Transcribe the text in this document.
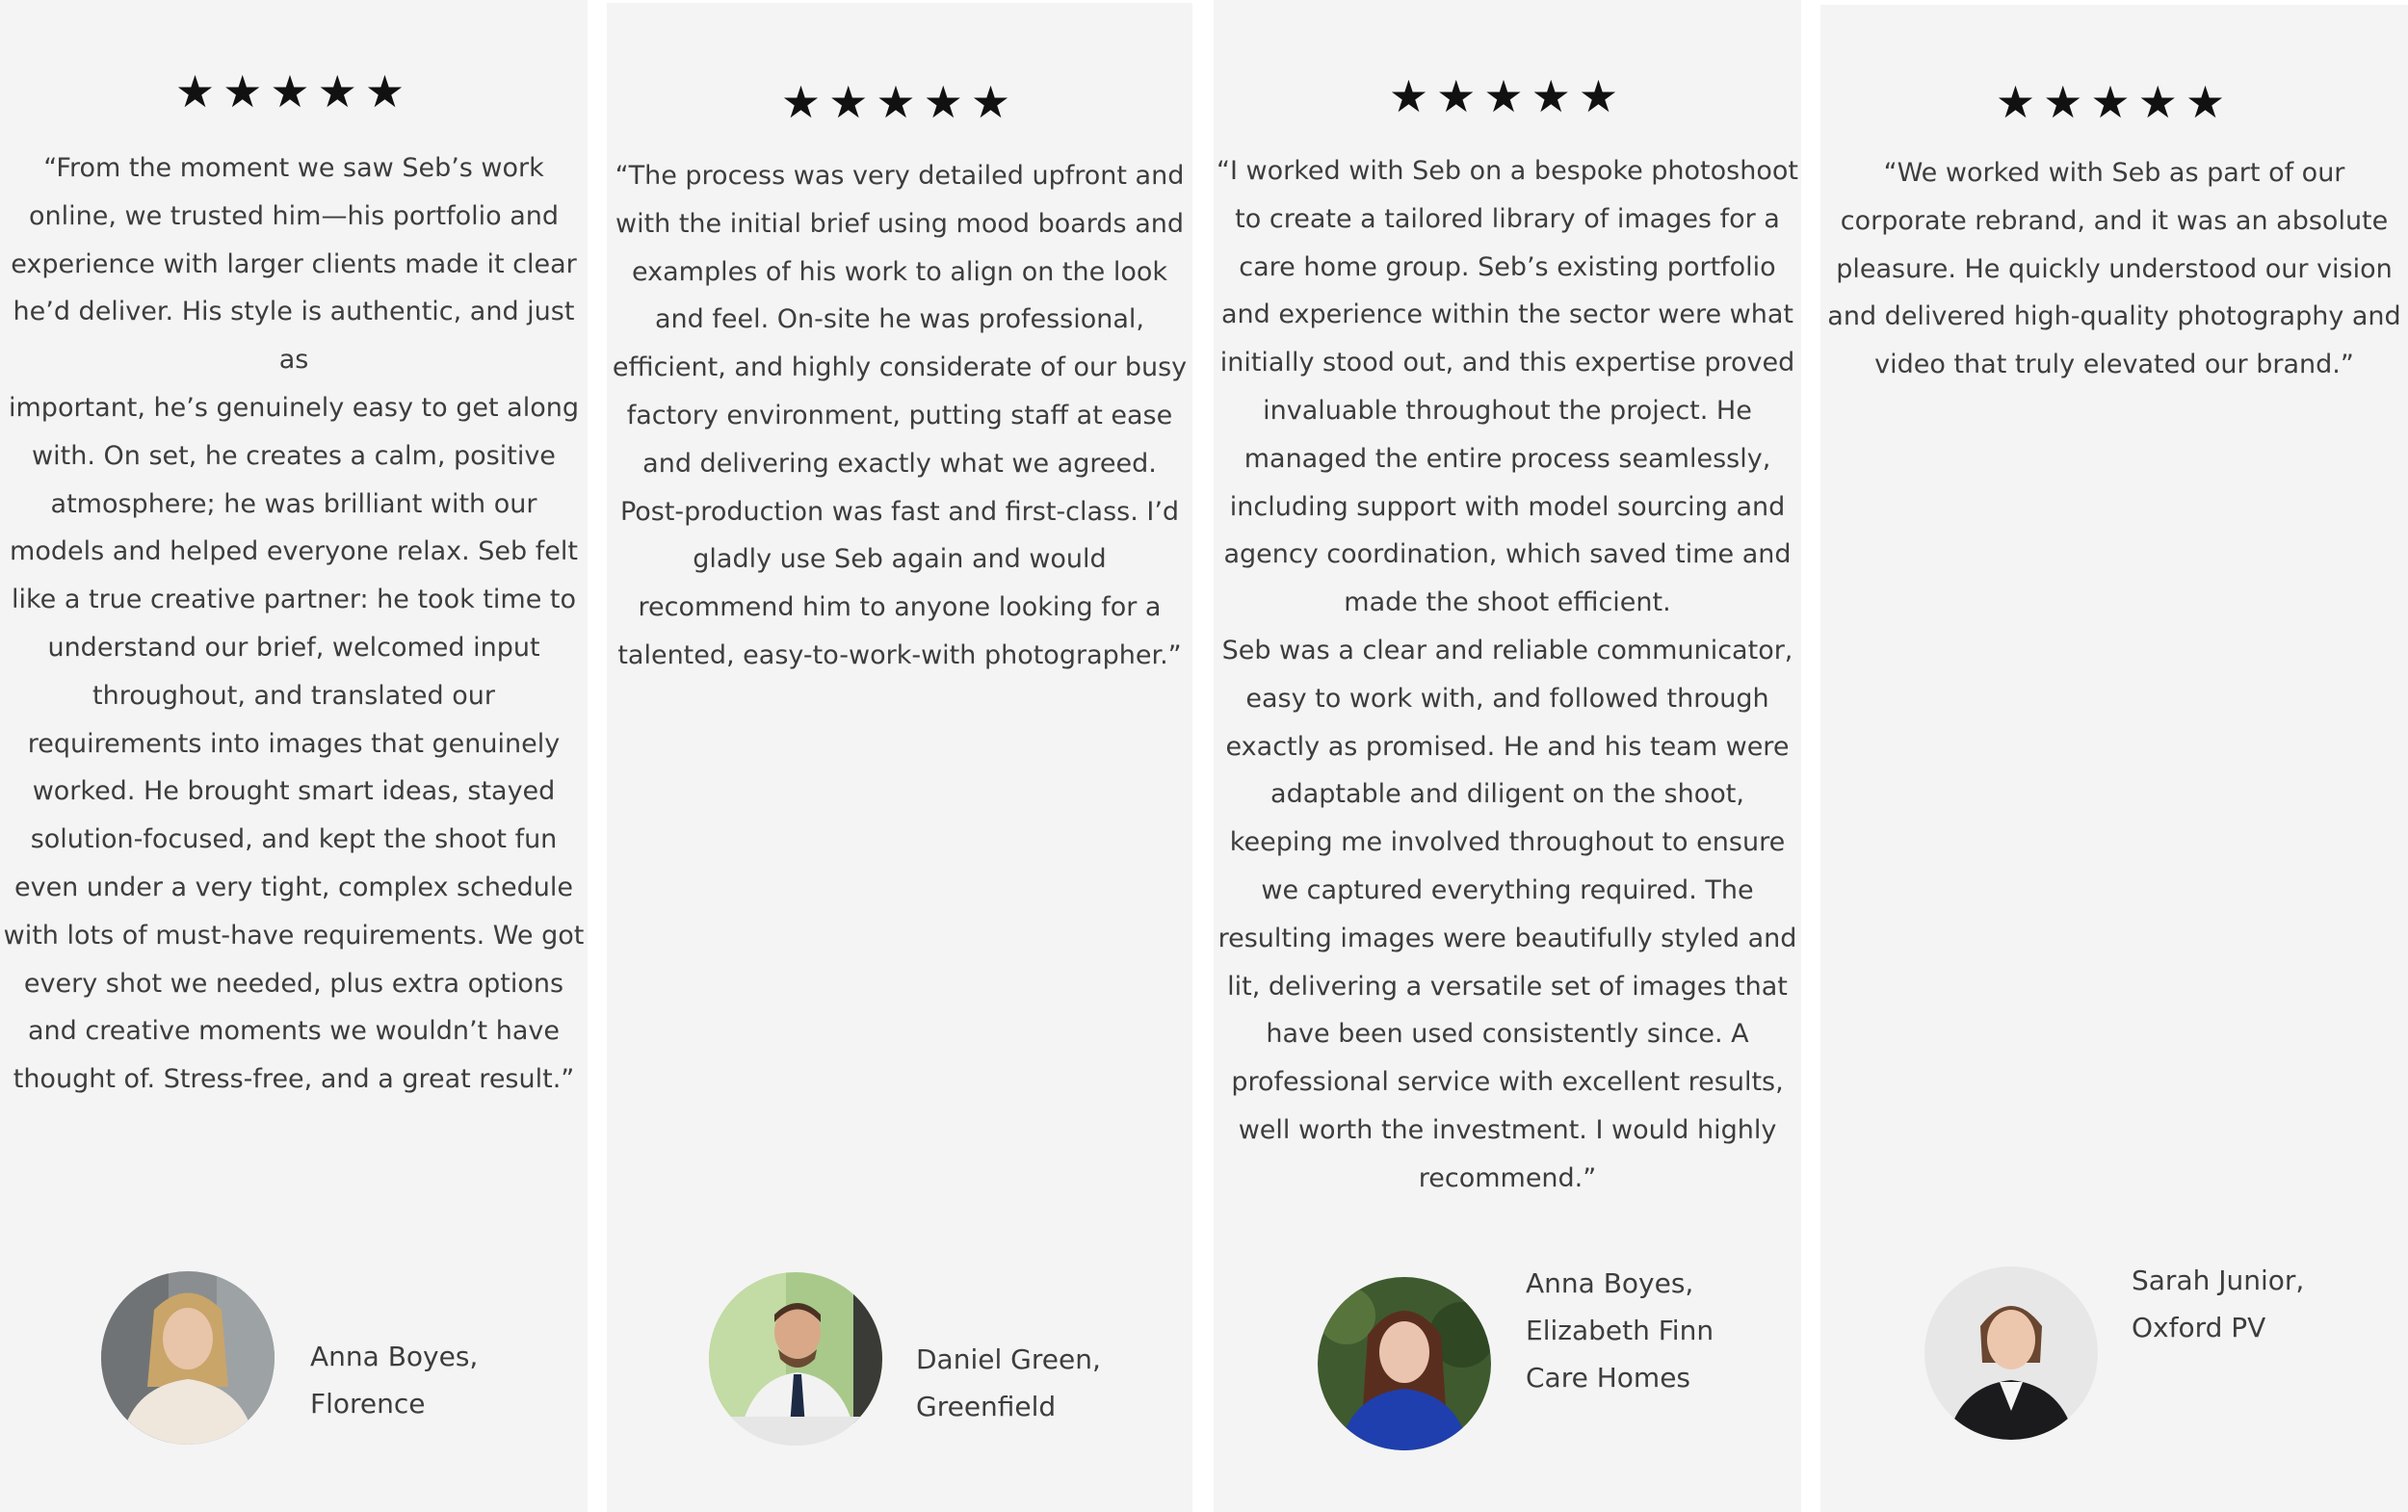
★★★★★

“From the moment we saw Seb’s work
online, we trusted him—his portfolio and
experience with larger clients made it clear
he’d deliver. His style is authentic, and just as
important, he’s genuinely easy to get along
with. On set, he creates a calm, positive
atmosphere; he was brilliant with our
models and helped everyone relax. Seb felt
like a true creative partner: he took time to
understand our brief, welcomed input
throughout, and translated our
requirements into images that genuinely
worked. He brought smart ideas, stayed
solution-focused, and kept the shoot fun
even under a very tight, complex schedule
with lots of must-have requirements. We got
every shot we needed, plus extra options
and creative moments we wouldn’t have
thought of. Stress-free, and a great result.”

Anna Boyes,
Florence

★★★★★

“The process was very detailed upfront and
with the initial brief using mood boards and
examples of his work to align on the look
and feel. On-site he was professional,
efficient, and highly considerate of our busy
factory environment, putting staff at ease
and delivering exactly what we agreed.
Post-production was fast and first-class. I’d
gladly use Seb again and would
recommend him to anyone looking for a
talented, easy-to-work-with photographer.”

Daniel Green,
Greenfield

★★★★★

“I worked with Seb on a bespoke photoshoot
to create a tailored library of images for a
care home group. Seb’s existing portfolio
and experience within the sector were what
initially stood out, and this expertise proved
invaluable throughout the project. He
managed the entire process seamlessly,
including support with model sourcing and
agency coordination, which saved time and
made the shoot efficient.
Seb was a clear and reliable communicator,
easy to work with, and followed through
exactly as promised. He and his team were
adaptable and diligent on the shoot,
keeping me involved throughout to ensure
we captured everything required. The
resulting images were beautifully styled and
lit, delivering a versatile set of images that
have been used consistently since. A
professional service with excellent results,
well worth the investment. I would highly
recommend.”

Anna Boyes,
Elizabeth Finn
Care Homes

★★★★★

“We worked with Seb as part of our
corporate rebrand, and it was an absolute
pleasure. He quickly understood our vision
and delivered high-quality photography and
video that truly elevated our brand.”

Sarah Junior,
Oxford PV
